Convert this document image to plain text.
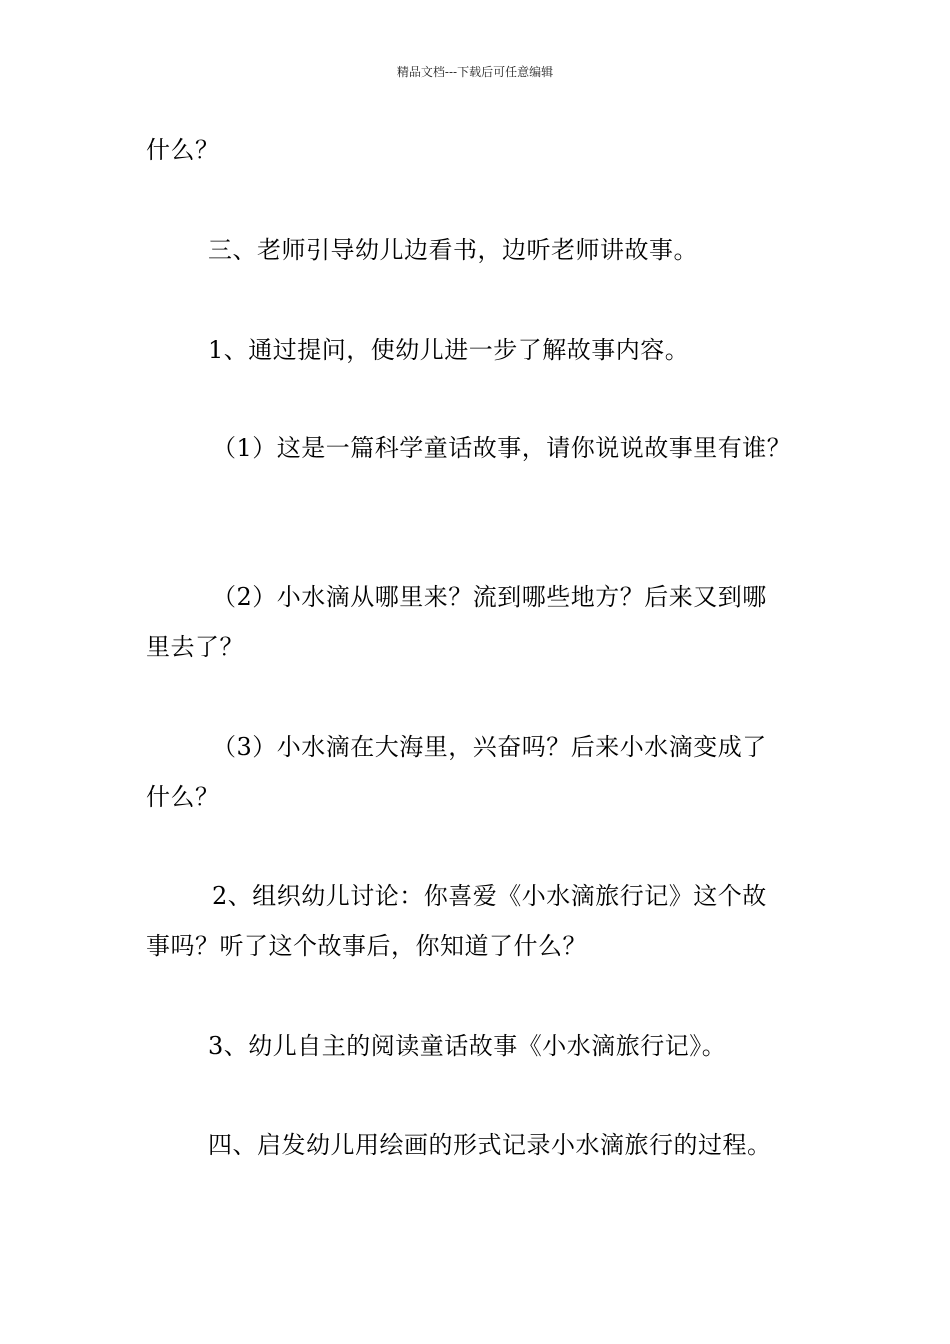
精品文档---下载后可任意编辑
什么？
三、老师引导幼儿边看书，边听老师讲故事。
1、通过提问，使幼儿进一步了解故事内容。
（1）这是一篇科学童话故事，请你说说故事里有谁？
（2）小水滴从哪里来？流到哪些地方？后来又到哪
里去了？
（3）小水滴在大海里，兴奋吗？后来小水滴变成了
什么？
2、组织幼儿讨论：你喜爱《小水滴旅行记》这个故
事吗？听了这个故事后，你知道了什么？
3、幼儿自主的阅读童话故事《小水滴旅行记》。
四、启发幼儿用绘画的形式记录小水滴旅行的过程。
